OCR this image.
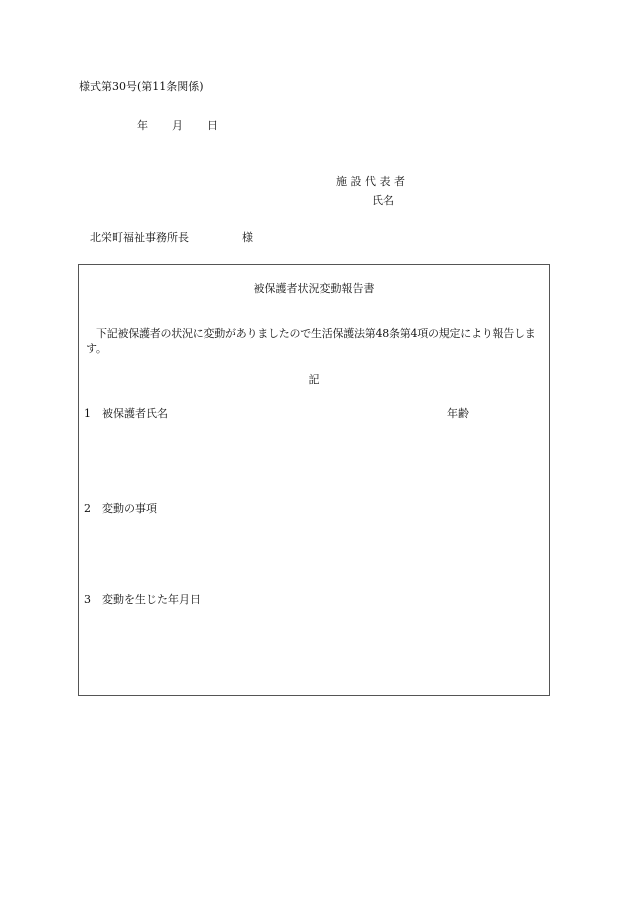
様式第30号(第11条関係)
年 月 日
施 設 代 表 者
氏名
北栄町福祉事務所長	様
被保護者状況変動報告書
下記被保護者の状況に変動がありましたので生活保護法第48条第4項の規定により報告します。
記
1 被保護者氏名	年齢
2 変動の事項
3 変動を生じた年月日
